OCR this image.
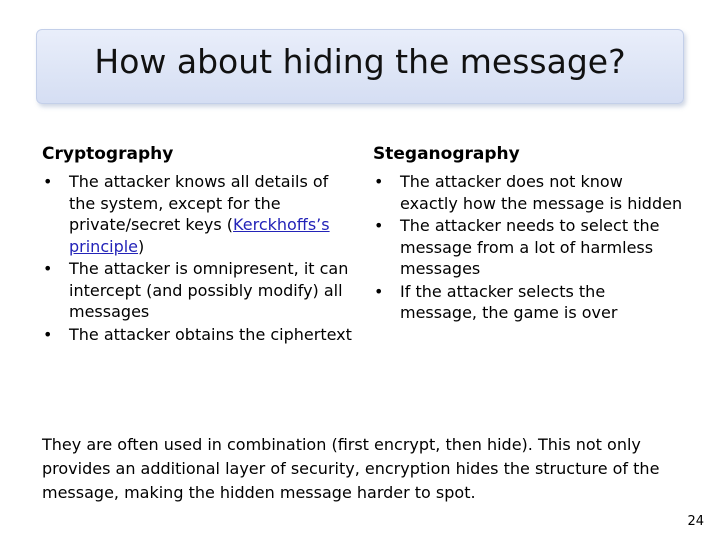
How about hiding the message?
Cryptography
• The attacker knows all details of the system, except for the private/secret keys (Kerckhoffs’s principle)
• The attacker is omnipresent, it can intercept (and possibly modify) all messages
• The attacker obtains the ciphertext
Steganography
• The attacker does not know exactly how the message is hidden
• The attacker needs to select the message from a lot of harmless messages
• If the attacker selects the message, the game is over
They are often used in combination (first encrypt, then hide). This not only provides an additional layer of security, encryption hides the structure of the message, making the hidden message harder to spot.
24
